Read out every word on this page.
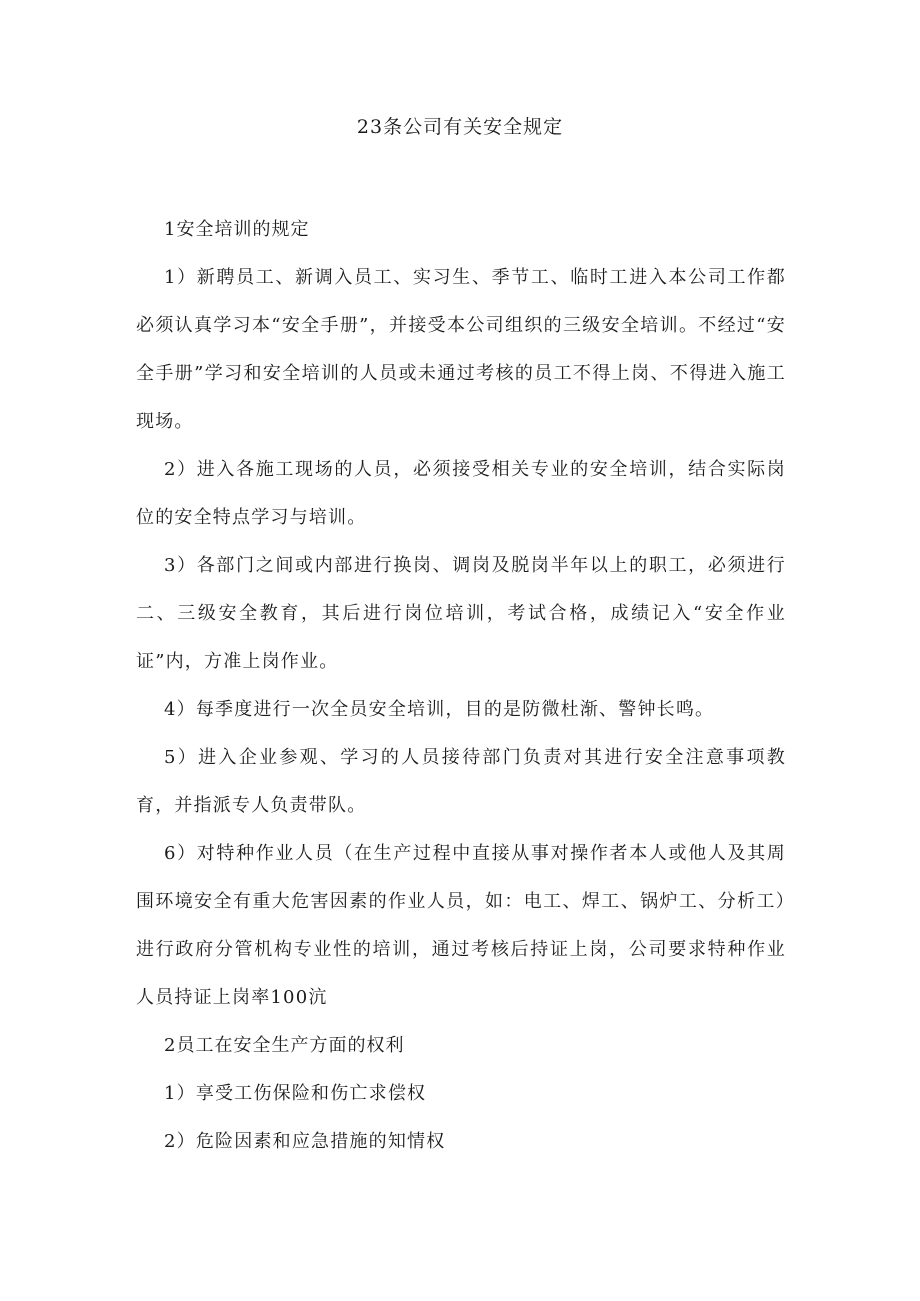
23条公司有关安全规定

1安全培训的规定

1）新聘员工、新调入员工、实习生、季节工、临时工进入本公司工作都必须认真学习本“安全手册”，并接受本公司组织的三级安全培训。不经过“安全手册”学习和安全培训的人员或未通过考核的员工不得上岗、不得进入施工现场。

2）进入各施工现场的人员，必须接受相关专业的安全培训，结合实际岗位的安全特点学习与培训。

3）各部门之间或内部进行换岗、调岗及脱岗半年以上的职工，必须进行二、三级安全教育，其后进行岗位培训，考试合格，成绩记入“安全作业证”内，方准上岗作业。

4）每季度进行一次全员安全培训，目的是防微杜渐、警钟长鸣。

5）进入企业参观、学习的人员接待部门负责对其进行安全注意事项教育，并指派专人负责带队。

6）对特种作业人员（在生产过程中直接从事对操作者本人或他人及其周围环境安全有重大危害因素的作业人员，如：电工、焊工、锅炉工、分析工）进行政府分管机构专业性的培训，通过考核后持证上岗，公司要求特种作业人员持证上岗率100沆

2员工在安全生产方面的权利

1）享受工伤保险和伤亡求偿权

2）危险因素和应急措施的知情权
